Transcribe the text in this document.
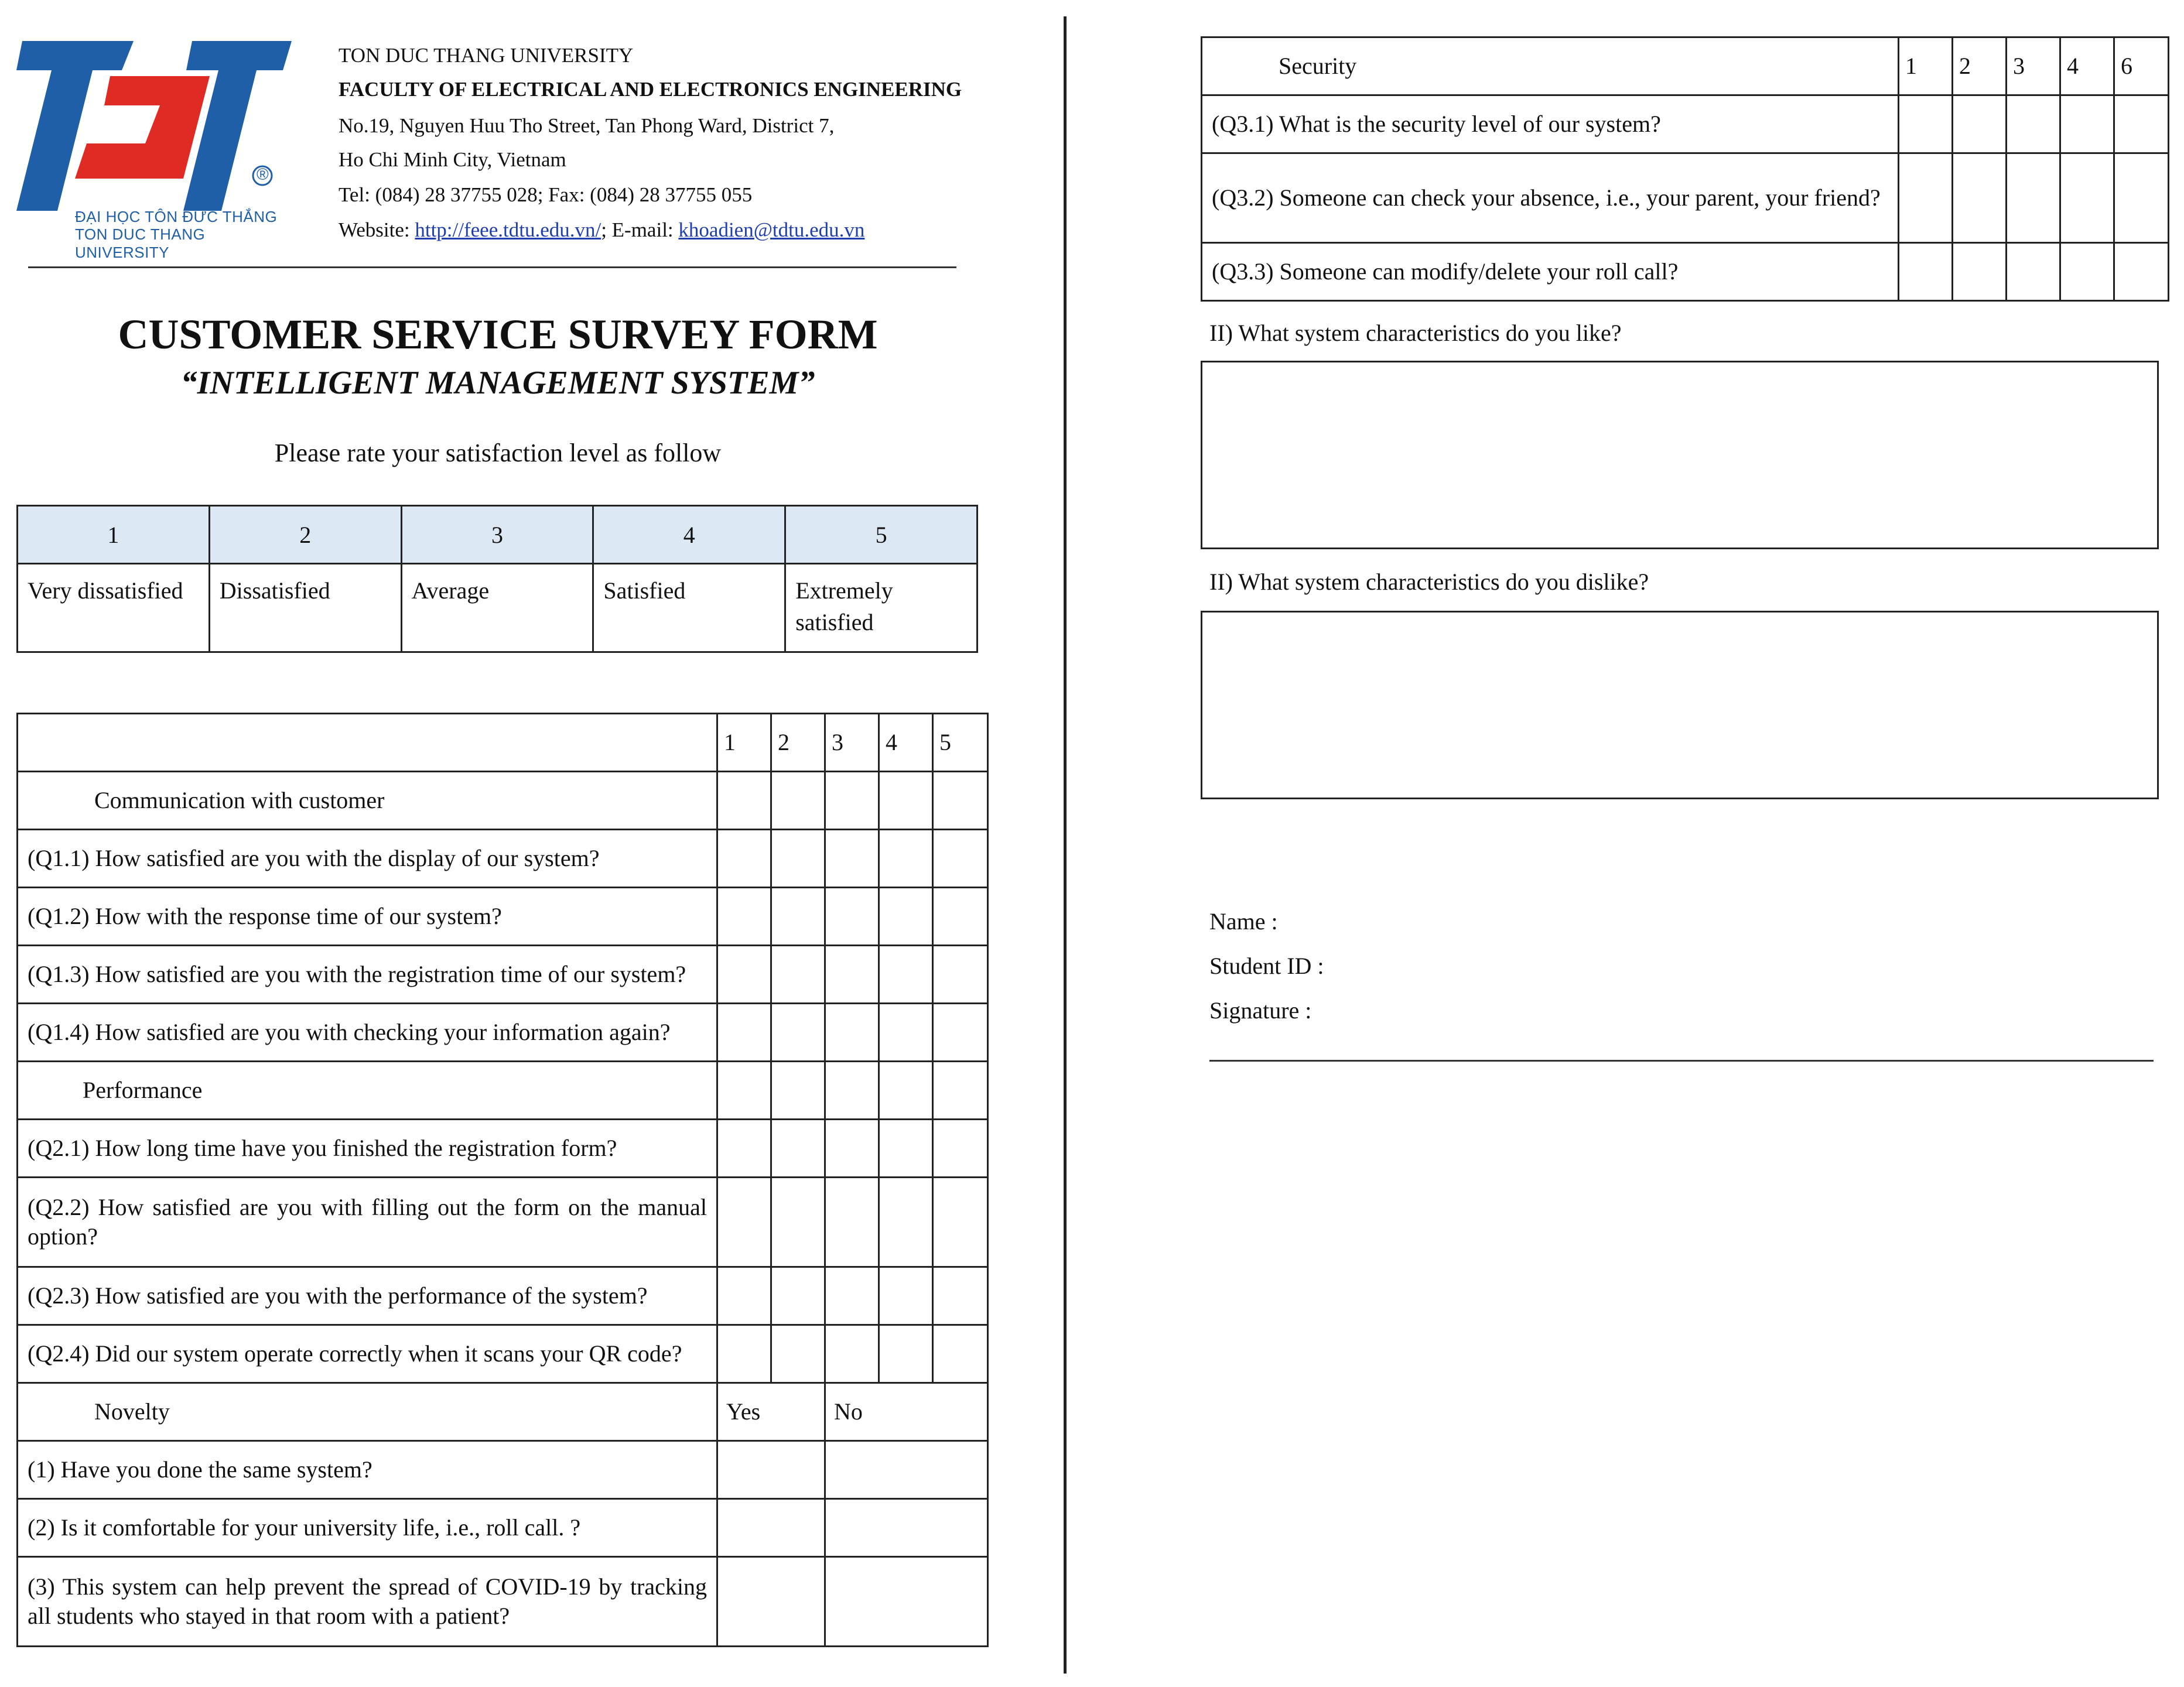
®
ĐẠI HỌC TÔN ĐỨC THẮNG
TON DUC THANG UNIVERSITY
TON DUC THANG UNIVERSITY
FACULTY OF ELECTRICAL AND ELECTRONICS ENGINEERING
No.19, Nguyen Huu Tho Street, Tan Phong Ward, District 7,
Ho Chi Minh City, Vietnam
Tel: (084) 28 37755 028; Fax: (084) 28 37755 055
Website: http://feee.tdtu.edu.vn/; E-mail: khoadien@tdtu.edu.vn
CUSTOMER SERVICE SURVEY FORM
“INTELLIGENT MANAGEMENT SYSTEM”
Please rate your satisfaction level as follow
1	2	3	4	5
Very dissatisfied	Dissatisfied	Average	Satisfied	Extremely satisfied
	1	2	3	4	5
Communication with customer					
(Q1.1) How satisfied are you with the display of our system?					
(Q1.2) How with the response time of our system?					
(Q1.3) How satisfied are you with the registration time of our system?					
(Q1.4) How satisfied are you with checking your information again?					
Performance					
(Q2.1) How long time have you finished the registration form?					
(Q2.2) How satisfied are you with filling out the form on the manual option?					
(Q2.3) How satisfied are you with the performance of the system?					
(Q2.4) Did our system operate correctly when it scans your QR code?					
Novelty	Yes		No		
(1) Have you done the same system?					
(2) Is it comfortable for your university life, i.e., roll call. ?					
(3) This system can help prevent the spread of COVID-19 by tracking all students who stayed in that room with a patient?					
Security	1	2	3	4	6
(Q3.1) What is the security level of our system?					
(Q3.2) Someone can check your absence, i.e., your parent, your friend?					
(Q3.3) Someone can modify/delete your roll call?					
II) What system characteristics do you like?
II) What system characteristics do you dislike?
Name :
Student ID :
Signature :
